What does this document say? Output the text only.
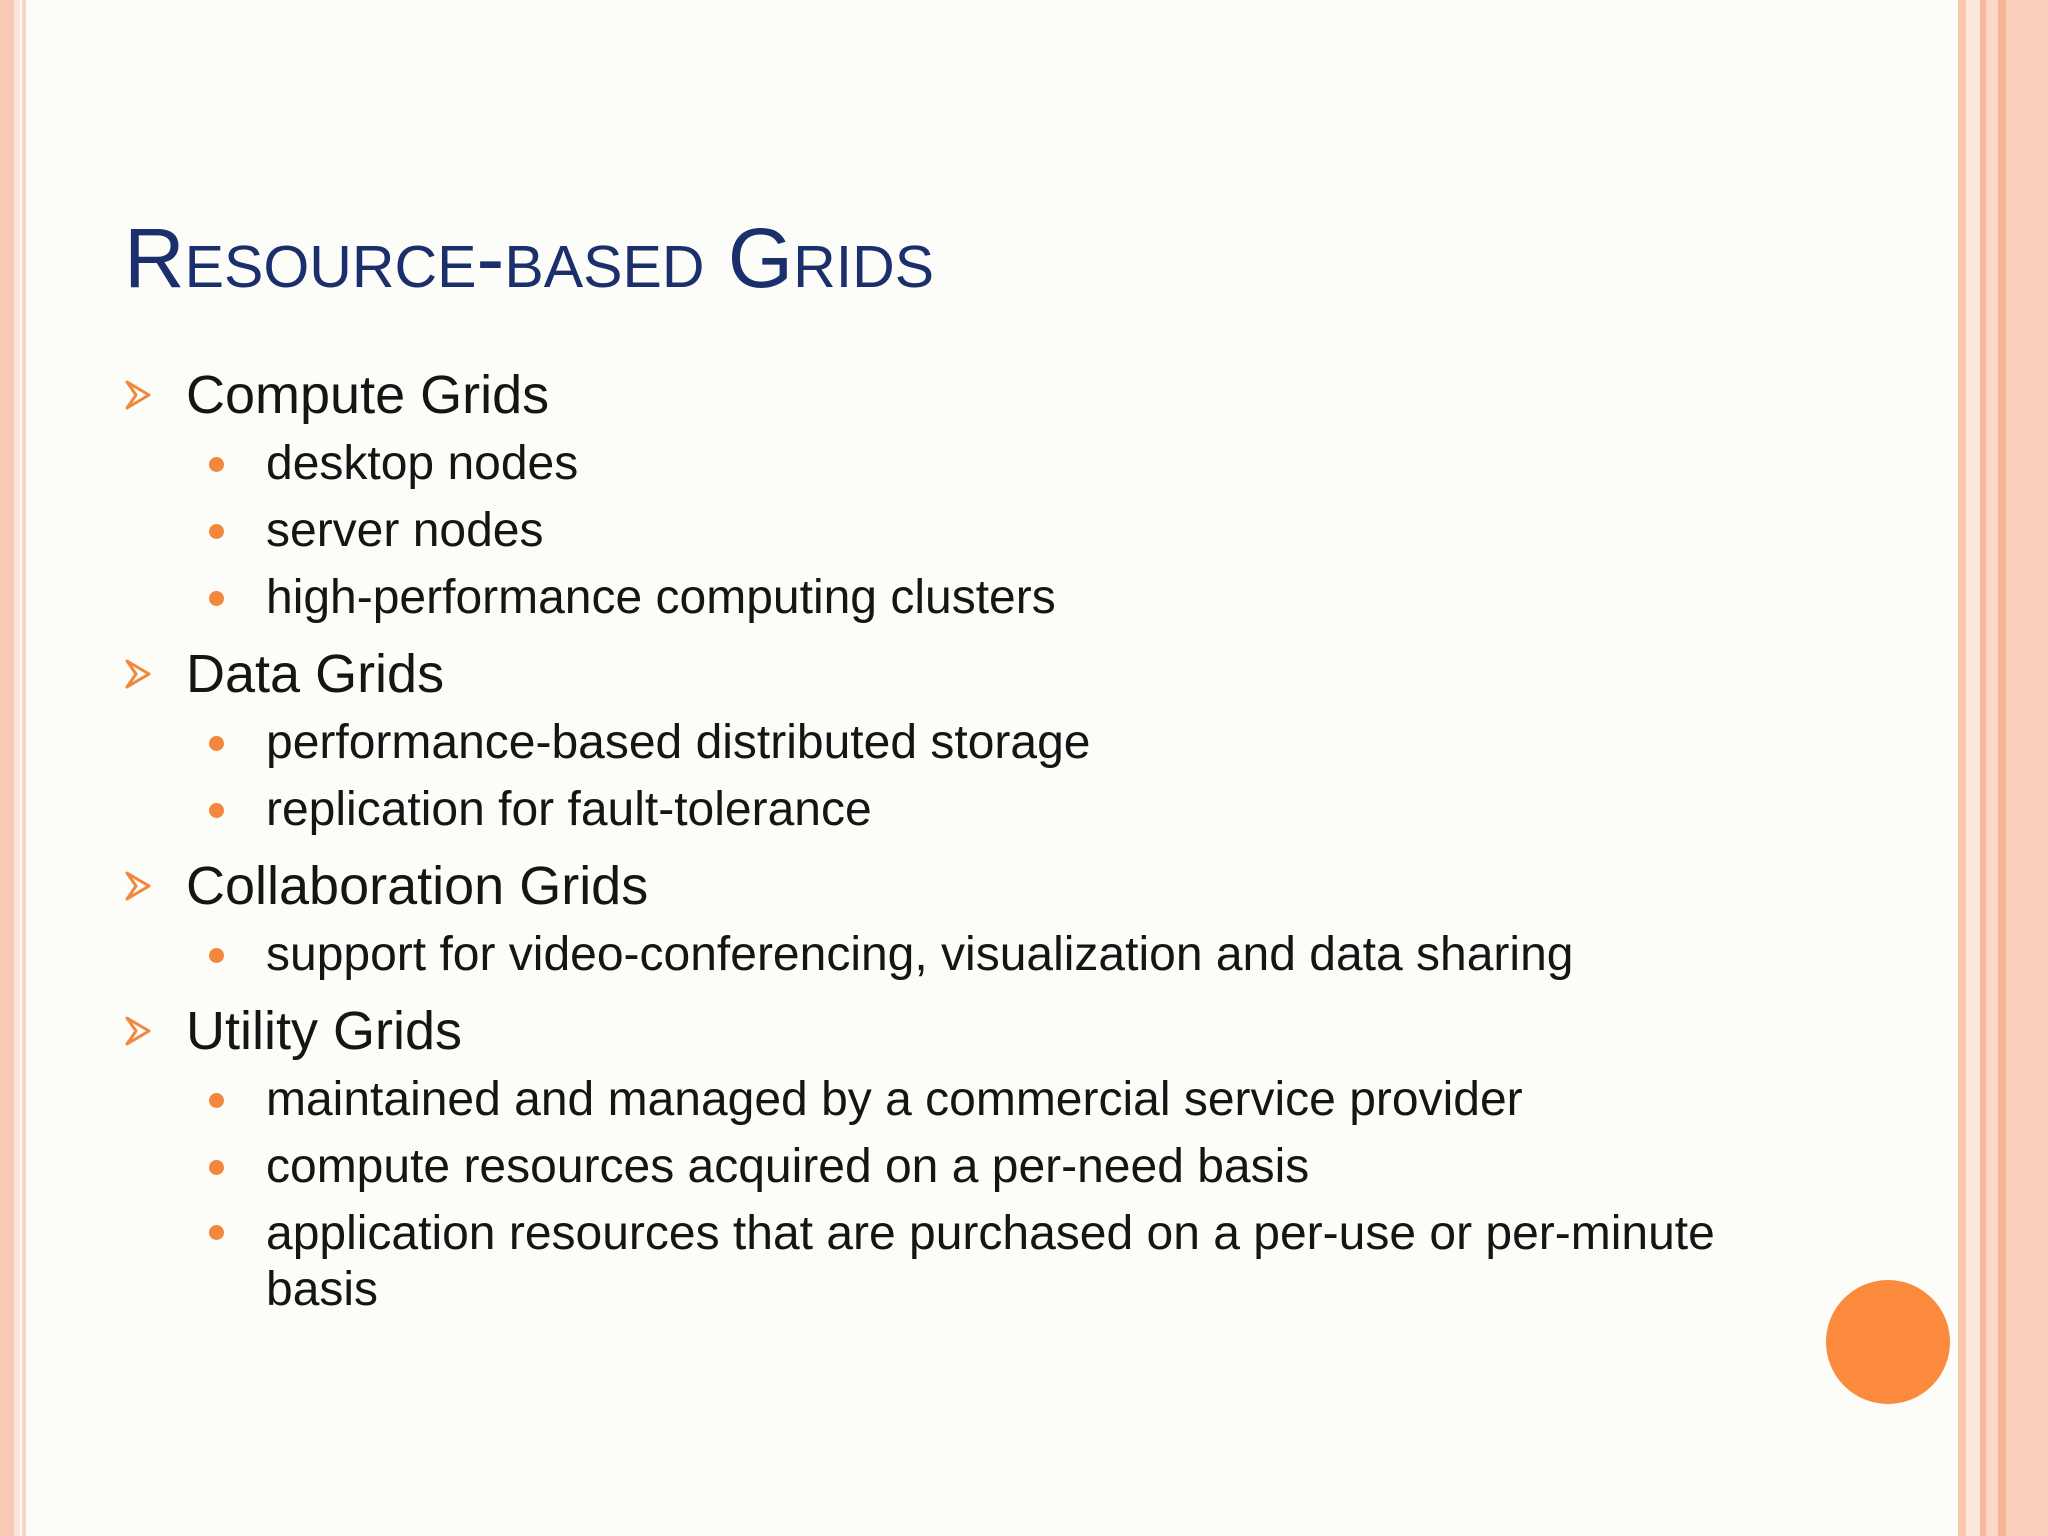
Resource-based Grids
Compute Grids
desktop nodes
server nodes
high-performance computing clusters
Data Grids
performance-based distributed storage
replication for fault-tolerance
Collaboration Grids
support for video-conferencing, visualization and data sharing
Utility Grids
maintained and managed by a commercial service provider
compute resources acquired on a per-need basis
application resources that are purchased on a per-use or per-minute basis
